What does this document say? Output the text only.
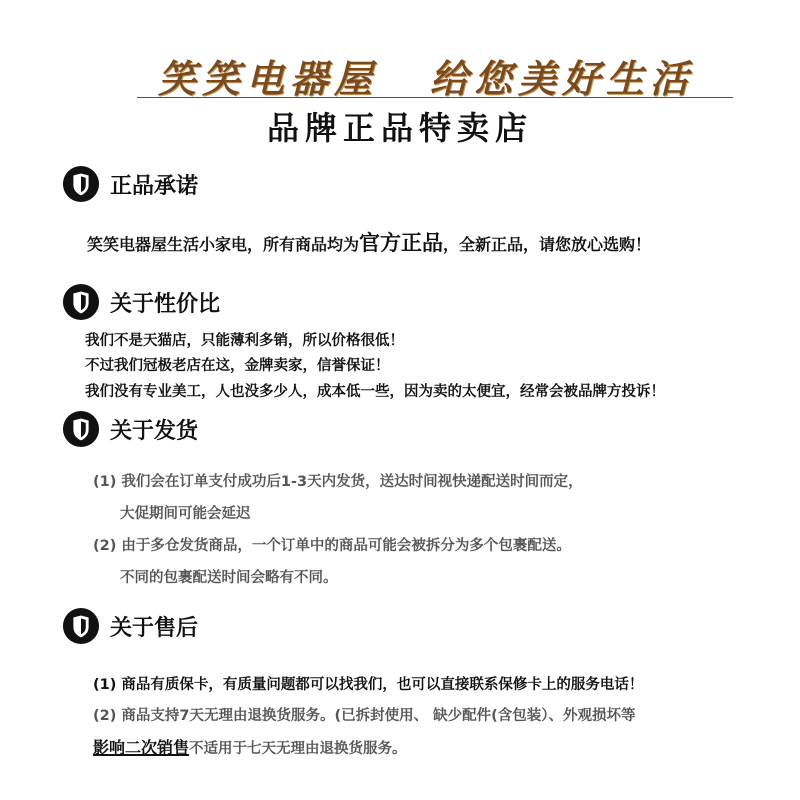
笑笑电器屋 给您美好生活
品牌正品特卖店
正品承诺
笑笑电器屋生活小家电，所有商品均为官方正品，全新正品，请您放心选购！
关于性价比
我们不是天猫店，只能薄利多销，所以价格很低！
不过我们冠极老店在这，金牌卖家，信誉保证！
我们没有专业美工，人也没多少人，成本低一些，因为卖的太便宜，经常会被品牌方投诉！
关于发货
(1) 我们会在订单支付成功后1-3天内发货，送达时间视快递配送时间而定，
大促期间可能会延迟
(2) 由于多仓发货商品，一个订单中的商品可能会被拆分为多个包裹配送。
不同的包裹配送时间会略有不同。
关于售后
(1) 商品有质保卡，有质量问题都可以找我们，也可以直接联系保修卡上的服务电话！
(2) 商品支持7天无理由退换货服务。(已拆封使用、 缺少配件(含包装）、外观损坏等
影响二次销售不适用于七天无理由退换货服务。
